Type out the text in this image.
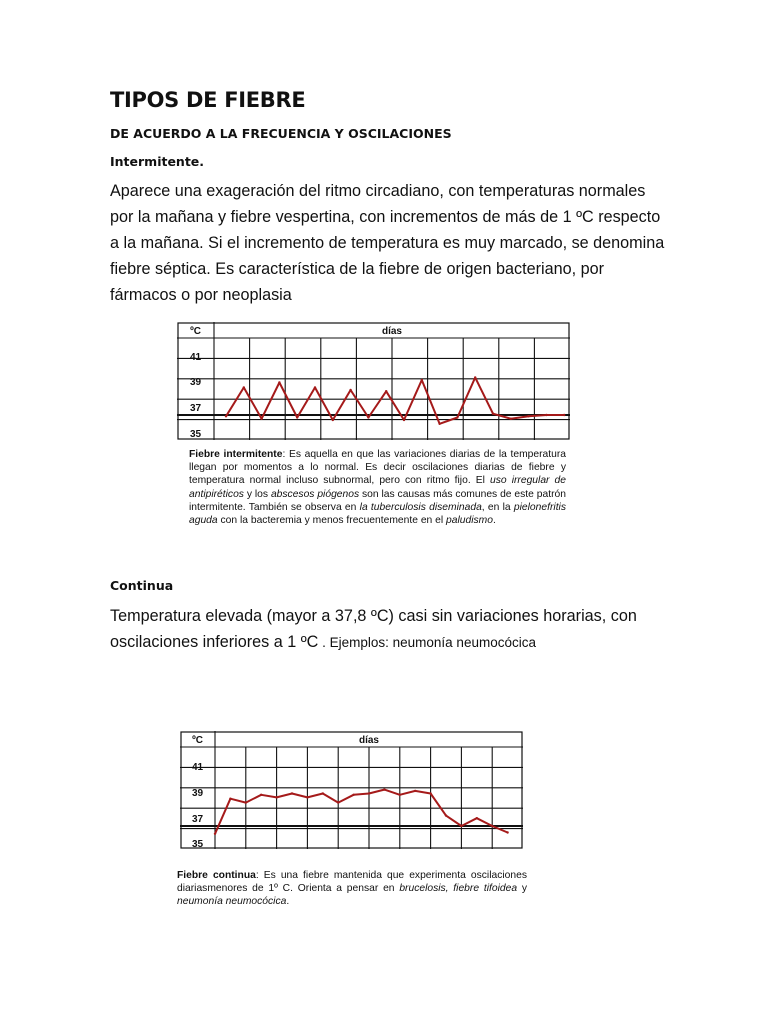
TIPOS DE FIEBRE
DE ACUERDO A LA FRECUENCIA Y OSCILACIONES
Intermitente.

Aparece una exageración del ritmo circadiano, con temperaturas normales por la mañana y fiebre vespertina, con incrementos de más de 1 ºC respecto a la mañana. Si el incremento de temperatura es muy marcado, se denomina fiebre séptica. Es característica de la fiebre de origen bacteriano, por fármacos o por neoplasia

ºC	días
41
39
37
35

Fiebre intermitente: Es aquella en que las variaciones diarias de la temperatura llegan por momentos a lo normal. Es decir oscilaciones diarias de fiebre y temperatura normal incluso subnormal, pero con ritmo fijo. El uso irregular de antipiréticos y los abscesos piógenos son las causas más comunes de este patrón intermitente. También se observa en la tuberculosis diseminada, en la pielonefritis aguda con la bacteremia y menos frecuentemente en el paludismo.

Continua

Temperatura elevada (mayor a 37,8 ºC) casi sin variaciones horarias, con oscilaciones inferiores a 1 ºC . Ejemplos: neumonía neumocócica

ºC	días
41
39
37
35

Fiebre continua: Es una fiebre mantenida que experimenta oscilaciones diariasmenores de 1º C. Orienta a pensar en brucelosis, fiebre tifoidea y neumonía neumocócica.
